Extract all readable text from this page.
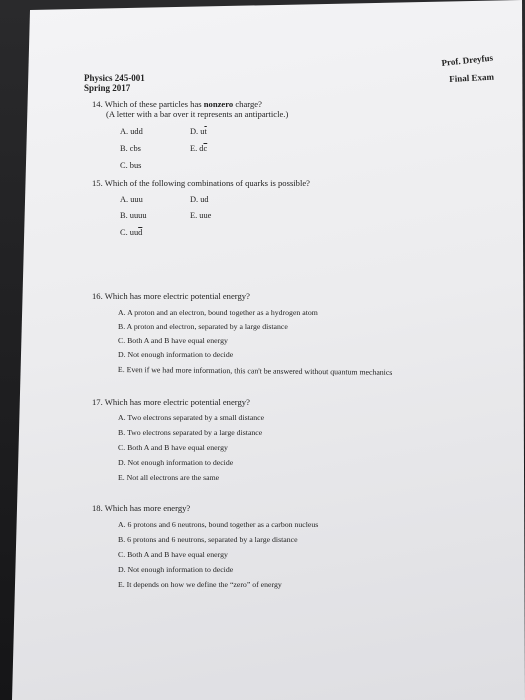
Physics 245-001
Spring 2017
Prof. Dreyfus
Final Exam
14. Which of these particles has nonzero charge?
(A letter with a bar over it represents an antiparticle.)
A. udd
B. cbs
C. bus
D. $u\overline{t}$
E. $d\overline{c}$
15. Which of the following combinations of quarks is possible?
A. uuu
B. uuuu
C. $uu\overline{d}$
D. ud
E. uue
16. Which has more electric potential energy?
A. A proton and an electron, bound together as a hydrogen atom
B. A proton and electron, separated by a large distance
C. Both A and B have equal energy
D. Not enough information to decide
E. Even if we had more information, this can't be answered without quantum mechanics
17. Which has more electric potential energy?
A. Two electrons separated by a small distance
B. Two electrons separated by a large distance
C. Both A and B have equal energy
D. Not enough information to decide
E. Not all electrons are the same
18. Which has more energy?
A. 6 protons and 6 neutrons, bound together as a carbon nucleus
B. 6 protons and 6 neutrons, separated by a large distance
C. Both A and B have equal energy
D. Not enough information to decide
E. It depends on how we define the “zero” of energy
